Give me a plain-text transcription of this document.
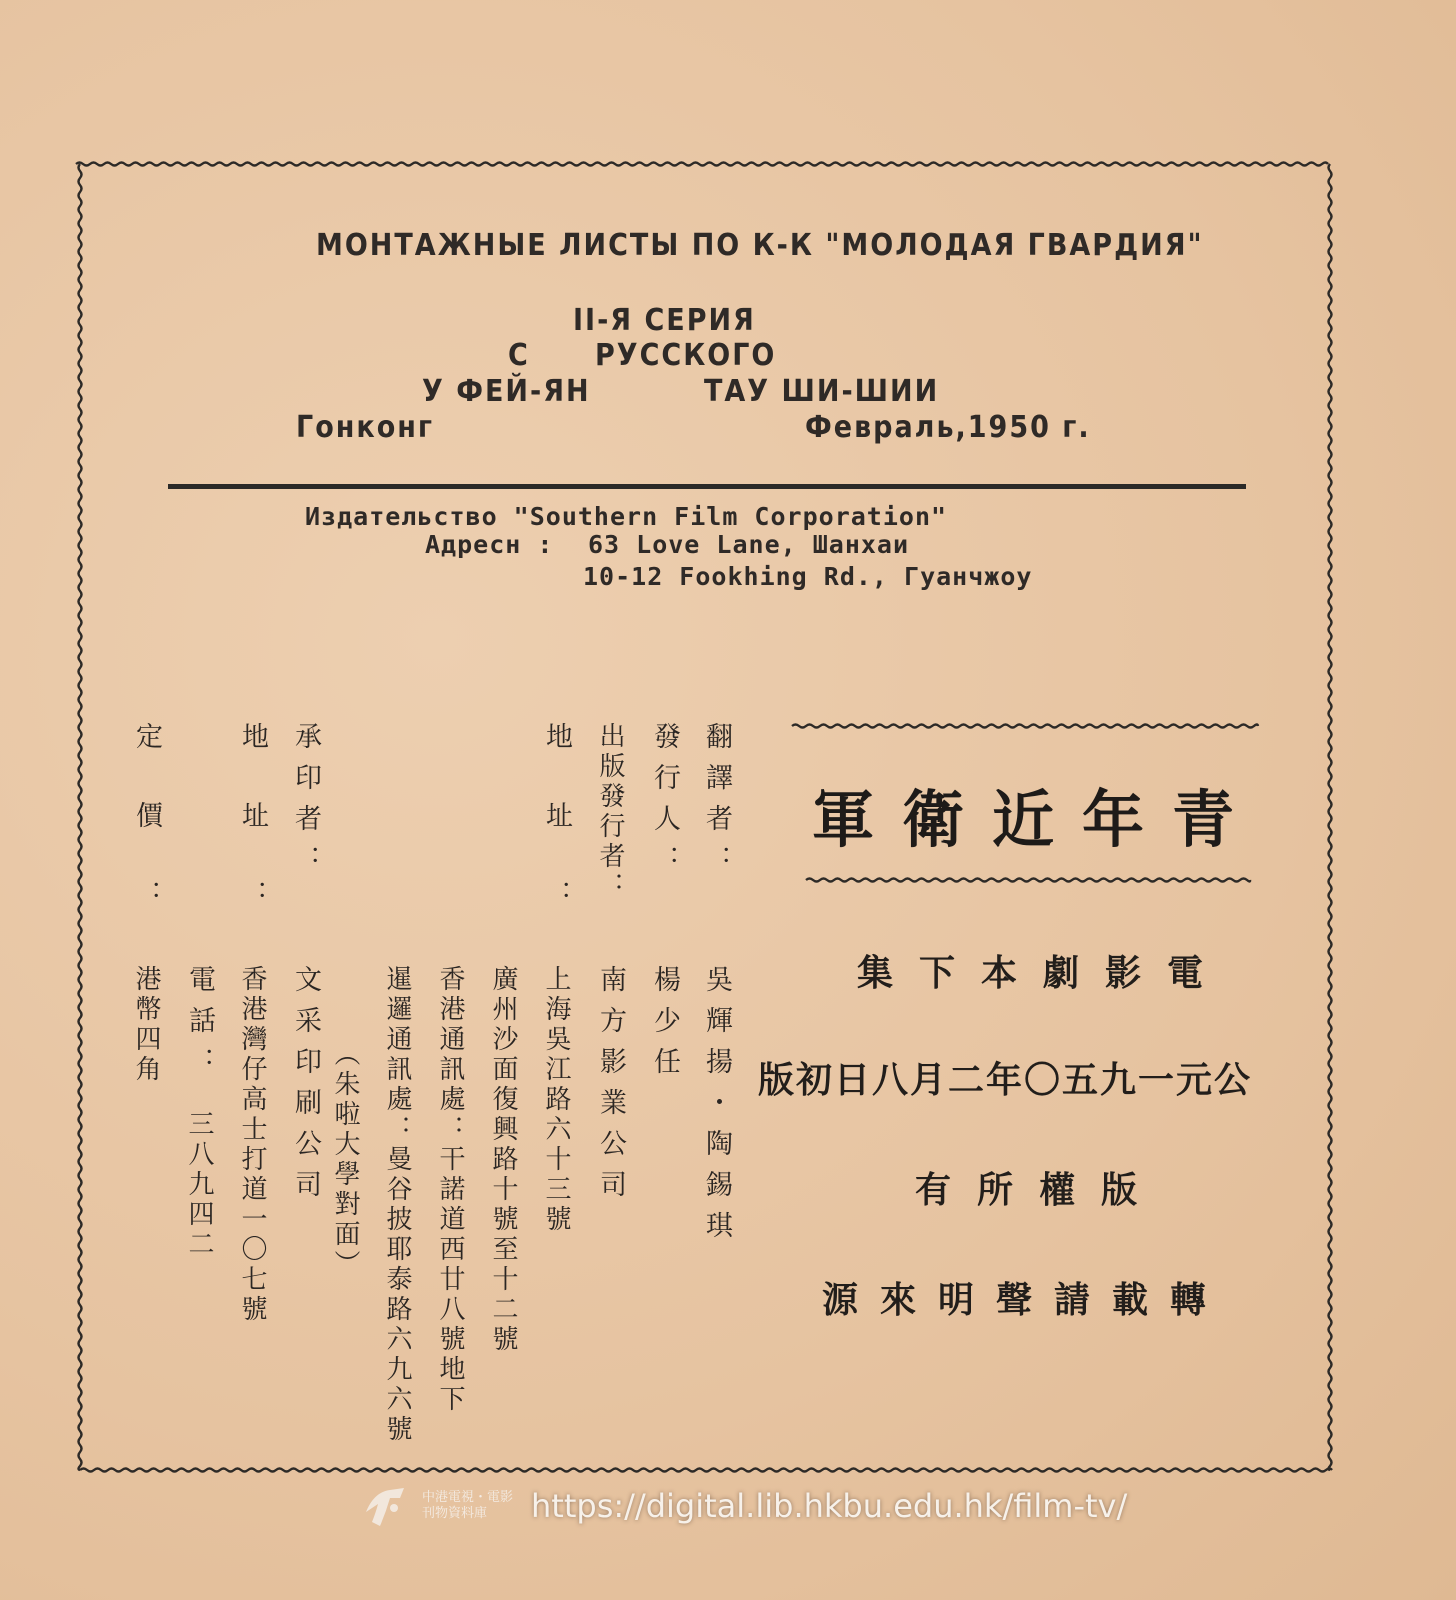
МОНТАЖНЫЕ ЛИСТЫ ПО К-К "МОЛОДАЯ ГВАРДИЯ"
II-Я СЕРИЯ
С РУССКОГО
У ФЕЙ-ЯН	ТАУ ШИ-ШИИ
Гонконг	Февраль,1950 г.
Издательство "Southern Film Corporation"
Адресн : 63 Love Lane, Шанхаи
10-12 Fookhing Rd., Гуанчжоу
翻譯者：
吳輝揚・陶錫琪
發行人：
楊少任
出版發行者：
南方影業公司
地址：
上海吳江路六十三號
廣州沙面復興路十號至十二號
香港通訊處：干諾道西廿八號地下
暹邏通訊處：曼谷披耶泰路六九六號
（朱啦大學對面）
承印者：
文采印刷公司
地址：
香港灣仔高士打道一〇七號
電話：
三八九四二
定價：
港幣四角
青年近衛軍
電影劇本下集
公元一九五〇年二月八日初版
版權所有
轉載請聲明來源
中港電視・電影
刊物資料庫	https://digital.lib.hkbu.edu.hk/film-tv/
